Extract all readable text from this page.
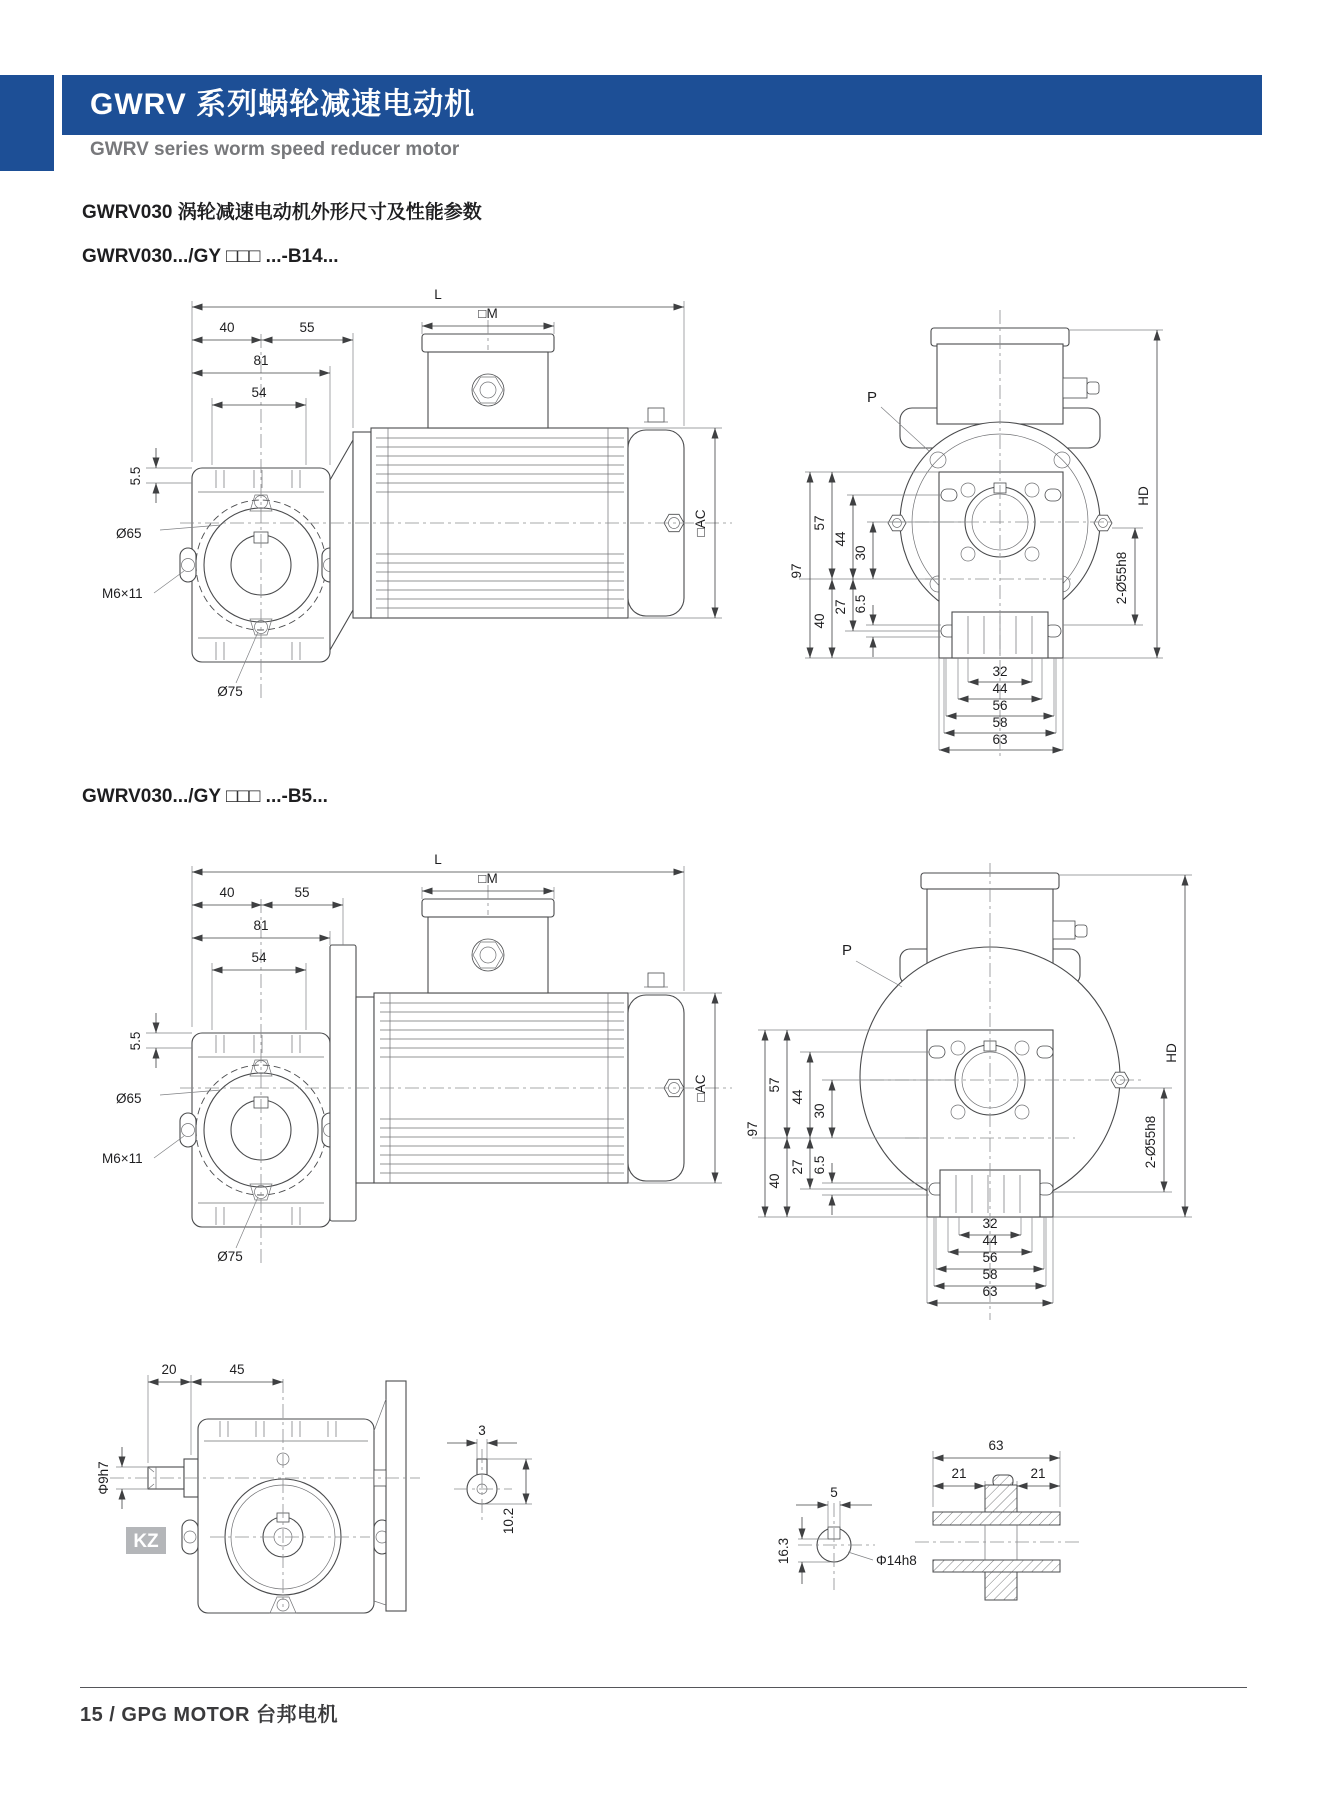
GWRV 系列蜗轮减速电动机
GWRV series worm speed reducer motor
GWRV030 涡轮减速电动机外形尺寸及性能参数
GWRV030.../GY □□□ ...-B14...
GWRV030.../GY □□□ ...-B5...
L
40	55
81
54
5.5
Ø65
M6×11
Ø75
□M
□AC
P
97
57
40
44
27
30
6.5
HD
2-Ø55h8
32
44
56
58
63
L
40	55
81
54
5.5
Ø65
M6×11
Ø75
□M
□AC
P
97
57
40
44
27
30
6.5
HD
2-Ø55h8
32
44
56
58
63
20	45
Φ9h7
KZ
3
10.2
5
16.3	Φ14h8
63
21	21
15 / GPG MOTOR 台邦电机
